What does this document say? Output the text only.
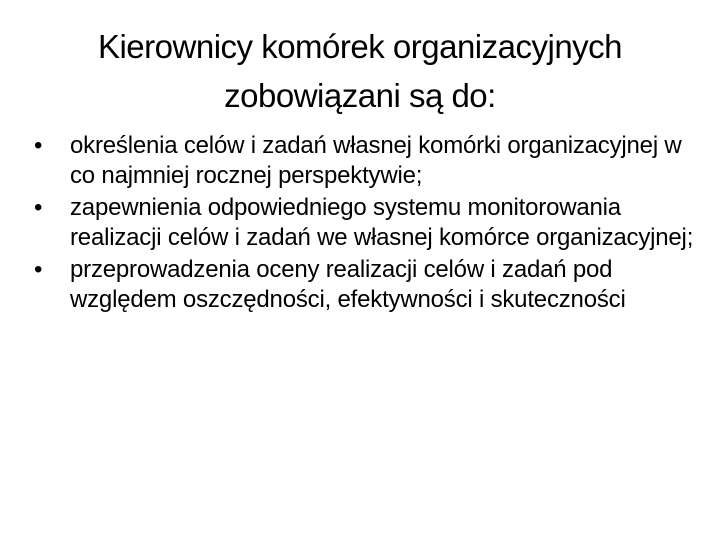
Kierownicy komórek organizacyjnych
zobowiązani są do:
•	określenia celów i zadań własnej komórki organizacyjnej w co najmniej rocznej perspektywie;
•	zapewnienia odpowiedniego systemu monitorowania realizacji celów i zadań we własnej komórce organizacyjnej;
•	przeprowadzenia oceny realizacji celów i zadań pod względem oszczędności, efektywności i skuteczności
